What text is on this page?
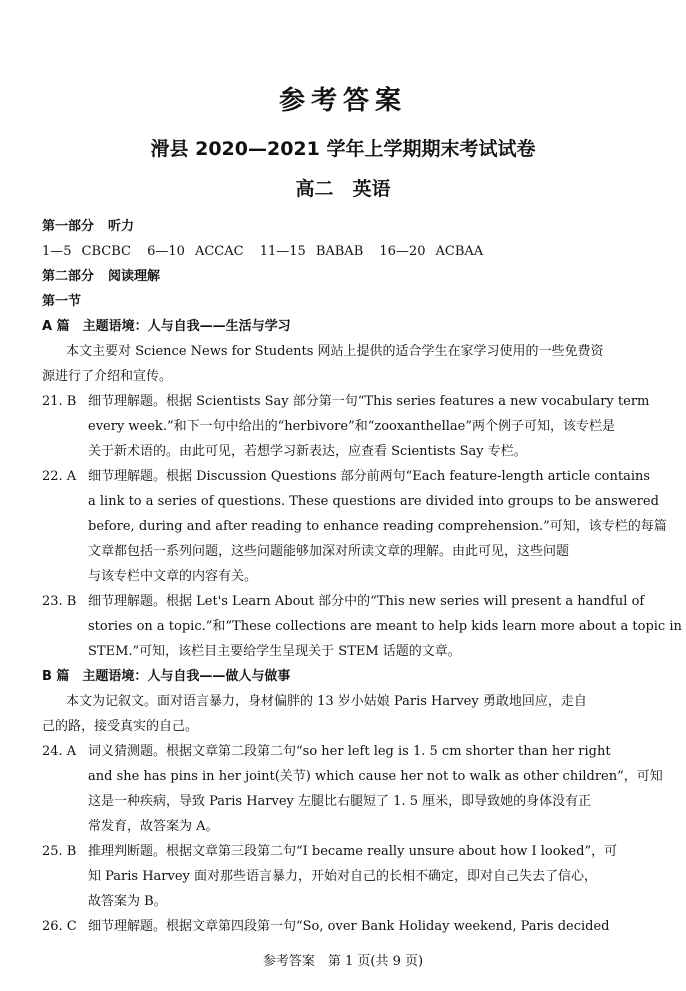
参考答案
滑县 2020—2021 学年上学期期末考试试卷
高二　英语
第一部分 听力
1—5 CBCBC 6—10 ACCAC 11—15 BABAB 16—20 ACBAA
第二部分 阅读理解
第一节
A 篇　主题语境：人与自我——生活与学习
本文主要对 Science News for Students 网站上提供的适合学生在家学习使用的一些免费资
源进行了介绍和宣传。
21. B 细节理解题。根据 Scientists Say 部分第一句“This series features a new vocabulary term
every week.”和下一句中给出的“herbivore”和“zooxanthellae”两个例子可知，该专栏是
关于新术语的。由此可见，若想学习新表达，应查看 Scientists Say 专栏。
22. A 细节理解题。根据 Discussion Questions 部分前两句“Each feature-length article contains
a link to a series of questions. These questions are divided into groups to be answered
before, during and after reading to enhance reading comprehension.”可知，该专栏的每篇
文章都包括一系列问题，这些问题能够加深对所读文章的理解。由此可见，这些问题
与该专栏中文章的内容有关。
23. B 细节理解题。根据 Let's Learn About 部分中的“This new series will present a handful of
stories on a topic.”和“These collections are meant to help kids learn more about a topic in
STEM.”可知，该栏目主要给学生呈现关于 STEM 话题的文章。
B 篇　主题语境：人与自我——做人与做事
本文为记叙文。面对语言暴力，身材偏胖的 13 岁小姑娘 Paris Harvey 勇敢地回应，走自
己的路，接受真实的自己。
24. A 词义猜测题。根据文章第二段第二句“so her left leg is 1. 5 cm shorter than her right
and she has pins in her joint(关节) which cause her not to walk as other children”，可知
这是一种疾病，导致 Paris Harvey 左腿比右腿短了 1. 5 厘米，即导致她的身体没有正
常发育，故答案为 A。
25. B 推理判断题。根据文章第三段第二句“I became really unsure about how I looked”，可
知 Paris Harvey 面对那些语言暴力，开始对自己的长相不确定，即对自己失去了信心，
故答案为 B。
26. C 细节理解题。根据文章第四段第一句“So, over Bank Holiday weekend, Paris decided
参考答案　第 1 页(共 9 页)
